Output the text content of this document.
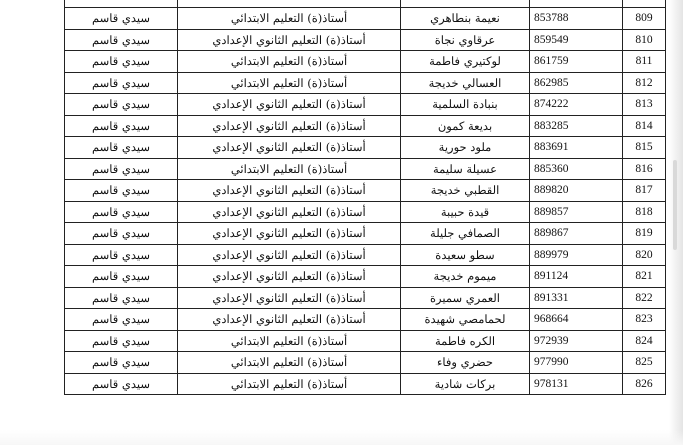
سيدي قاسم	أستاذ(ة) التعليم الابتدائي	نعيمة بنطاهري	853788	809
سيدي قاسم	أستاذ(ة) التعليم الثانوي الإعدادي	عرقاوي نجاة	859549	810
سيدي قاسم	أستاذ(ة) التعليم الابتدائي	لوكتيري فاطمة	861759	811
سيدي قاسم	أستاذ(ة) التعليم الابتدائي	العسالي خديجة	862985	812
سيدي قاسم	أستاذ(ة) التعليم الثانوي الإعدادي	بنبادة السلمية	874222	813
سيدي قاسم	أستاذ(ة) التعليم الثانوي الإعدادي	بديعة كمون	883285	814
سيدي قاسم	أستاذ(ة) التعليم الثانوي الإعدادي	ملود حورية	883691	815
سيدي قاسم	أستاذ(ة) التعليم الابتدائي	عسيلة سليمة	885360	816
سيدي قاسم	أستاذ(ة) التعليم الثانوي الإعدادي	القطبي خديجة	889820	817
سيدي قاسم	أستاذ(ة) التعليم الثانوي الإعدادي	قيدة حبيبة	889857	818
سيدي قاسم	أستاذ(ة) التعليم الثانوي الإعدادي	الصمافي جليلة	889867	819
سيدي قاسم	أستاذ(ة) التعليم الثانوي الإعدادي	سطو سعيدة	889979	820
سيدي قاسم	أستاذ(ة) التعليم الثانوي الإعدادي	ميموم خديجة	891124	821
سيدي قاسم	أستاذ(ة) التعليم الثانوي الإعدادي	العمري سميرة	891331	822
سيدي قاسم	أستاذ(ة) التعليم الثانوي الإعدادي	لحمامصي شهيدة	968664	823
سيدي قاسم	أستاذ(ة) التعليم الابتدائي	الكره فاطمة	972939	824
سيدي قاسم	أستاذ(ة) التعليم الابتدائي	حضري وفاء	977990	825
سيدي قاسم	أستاذ(ة) التعليم الابتدائي	بركات شادية	978131	826
